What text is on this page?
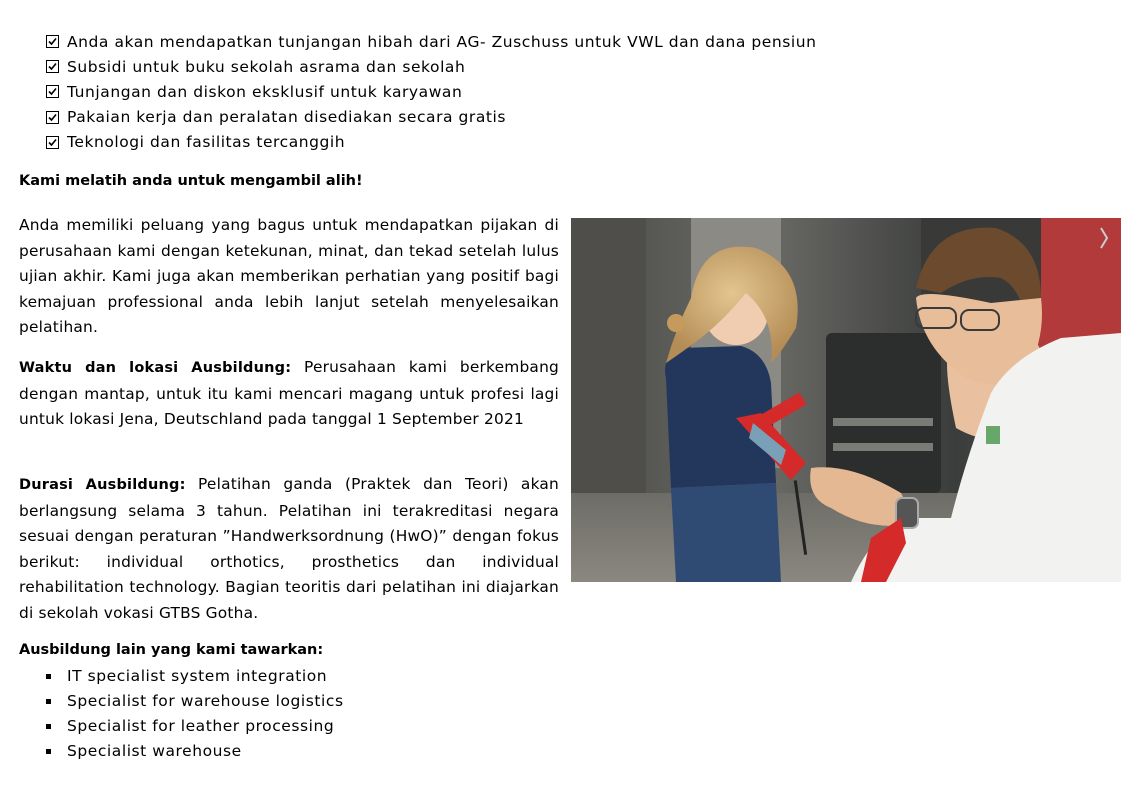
Anda akan mendapatkan tunjangan hibah dari AG- Zuschuss untuk VWL dan dana pensiun
Subsidi untuk buku sekolah asrama dan sekolah
Tunjangan dan diskon eksklusif untuk karyawan
Pakaian kerja dan peralatan disediakan secara gratis
Teknologi dan fasilitas tercanggih
Kami melatih anda untuk mengambil alih!

Anda memiliki peluang yang bagus untuk mendapatkan pijakan di perusahaan kami dengan ketekunan, minat, dan tekad setelah lulus ujian akhir. Kami juga akan memberikan perhatian yang positif bagi kemajuan professional anda lebih lanjut setelah menyelesaikan pelatihan.

Waktu dan lokasi Ausbildung: Perusahaan kami berkembang dengan mantap, untuk itu kami mencari magang untuk profesi lagi untuk lokasi Jena, Deutschland pada tanggal 1 September 2021

Durasi Ausbildung: Pelatihan ganda (Praktek dan Teori) akan berlangsung selama 3 tahun. Pelatihan ini terakreditasi negara sesuai dengan peraturan ”Handwerksordnung (HwO)” dengan fokus berikut: individual orthotics, prosthetics dan individual rehabilitation technology. Bagian teoritis dari pelatihan ini diajarkan di sekolah vokasi GTBS Gotha.

Ausbildung lain yang kami tawarkan:
IT specialist system integration
Specialist for warehouse logistics
Specialist for leather processing
Specialist warehouse
